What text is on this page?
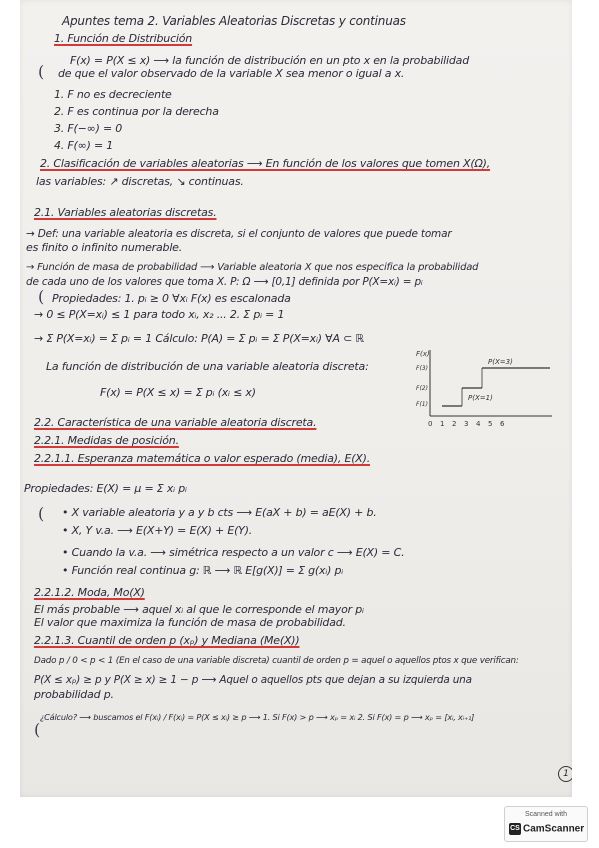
Apuntes tema 2. Variables Aleatorias Discretas y continuas
1. Función de Distribución
F(x) = P(X ≤ x) ⟶ la función de distribución en un pto x en la probabilidad
de que el valor observado de la variable X sea menor o igual a x.
(
1. F no es decreciente
2. F es continua por la derecha
3. F(−∞) = 0
4. F(∞) = 1
2. Clasificación de variables aleatorias ⟶ En función de los valores que tomen X(Ω),
las variables: ↗ discretas, ↘ continuas.
2.1. Variables aleatorias discretas.
→ Def: una variable aleatoria es discreta, si el conjunto de valores que puede tomar
es finito o infinito numerable.
→ Función de masa de probabilidad ⟶ Variable aleatoria X que nos especifica la probabilidad
de cada uno de los valores que toma X. P: Ω ⟶ [0,1] definida por P(X=xᵢ) = pᵢ
( Propiedades: 1. pᵢ ≥ 0 ∀xᵢ F(x) es escalonada
→ 0 ≤ P(X=xᵢ) ≤ 1 para todo xᵢ, x₂ ... 2. Σ pᵢ = 1
→ Σ P(X=xᵢ) = Σ pᵢ = 1 Cálculo: P(A) = Σ pᵢ = Σ P(X=xᵢ) ∀A ⊂ ℝ
La función de distribución de una variable aleatoria discreta:
F(x) = P(X ≤ x) = Σ pᵢ (xᵢ ≤ x)
F(x)
F(3)
F(2)
F(1)
P(X=3)
P(X=1)
0 1 2 3 4 5 6
2.2. Característica de una variable aleatoria discreta.
2.2.1. Medidas de posición.
2.2.1.1. Esperanza matemática o valor esperado (media), E(X).
Propiedades: E(X) = μ = Σ xᵢ pᵢ
( • X variable aleatoria y a y b cts ⟶ E(aX + b) = aE(X) + b.
• X, Y v.a. ⟶ E(X+Y) = E(X) + E(Y).
• Cuando la v.a. ⟶ simétrica respecto a un valor c ⟶ E(X) = C.
• Función real continua g: ℝ ⟶ ℝ E[g(X)] = Σ g(xᵢ) pᵢ
2.2.1.2. Moda, Mo(X)
El más probable ⟶ aquel xᵢ al que le corresponde el mayor pᵢ
El valor que maximiza la función de masa de probabilidad.
2.2.1.3. Cuantil de orden p (xₚ) y Mediana (Me(X))
Dado p / 0 < p < 1 (En el caso de una variable discreta) cuantil de orden p = aquel o aquellos ptos x que verifican:
P(X ≤ xₚ) ≥ p y P(X ≥ x) ≥ 1 − p ⟶ Aquel o aquellos pts que dejan a su izquierda una
probabilidad p.
¿Cálculo? ⟶ buscamos el F(xᵢ) / F(xᵢ) = P(X ≤ xᵢ) ≥ p ⟶ 1. Si F(x) > p ⟶ xₚ = xᵢ 2. Si F(x) = p ⟶ xₚ = [xᵢ, xᵢ₊₁]
(
1
Scanned with
CS CamScanner
